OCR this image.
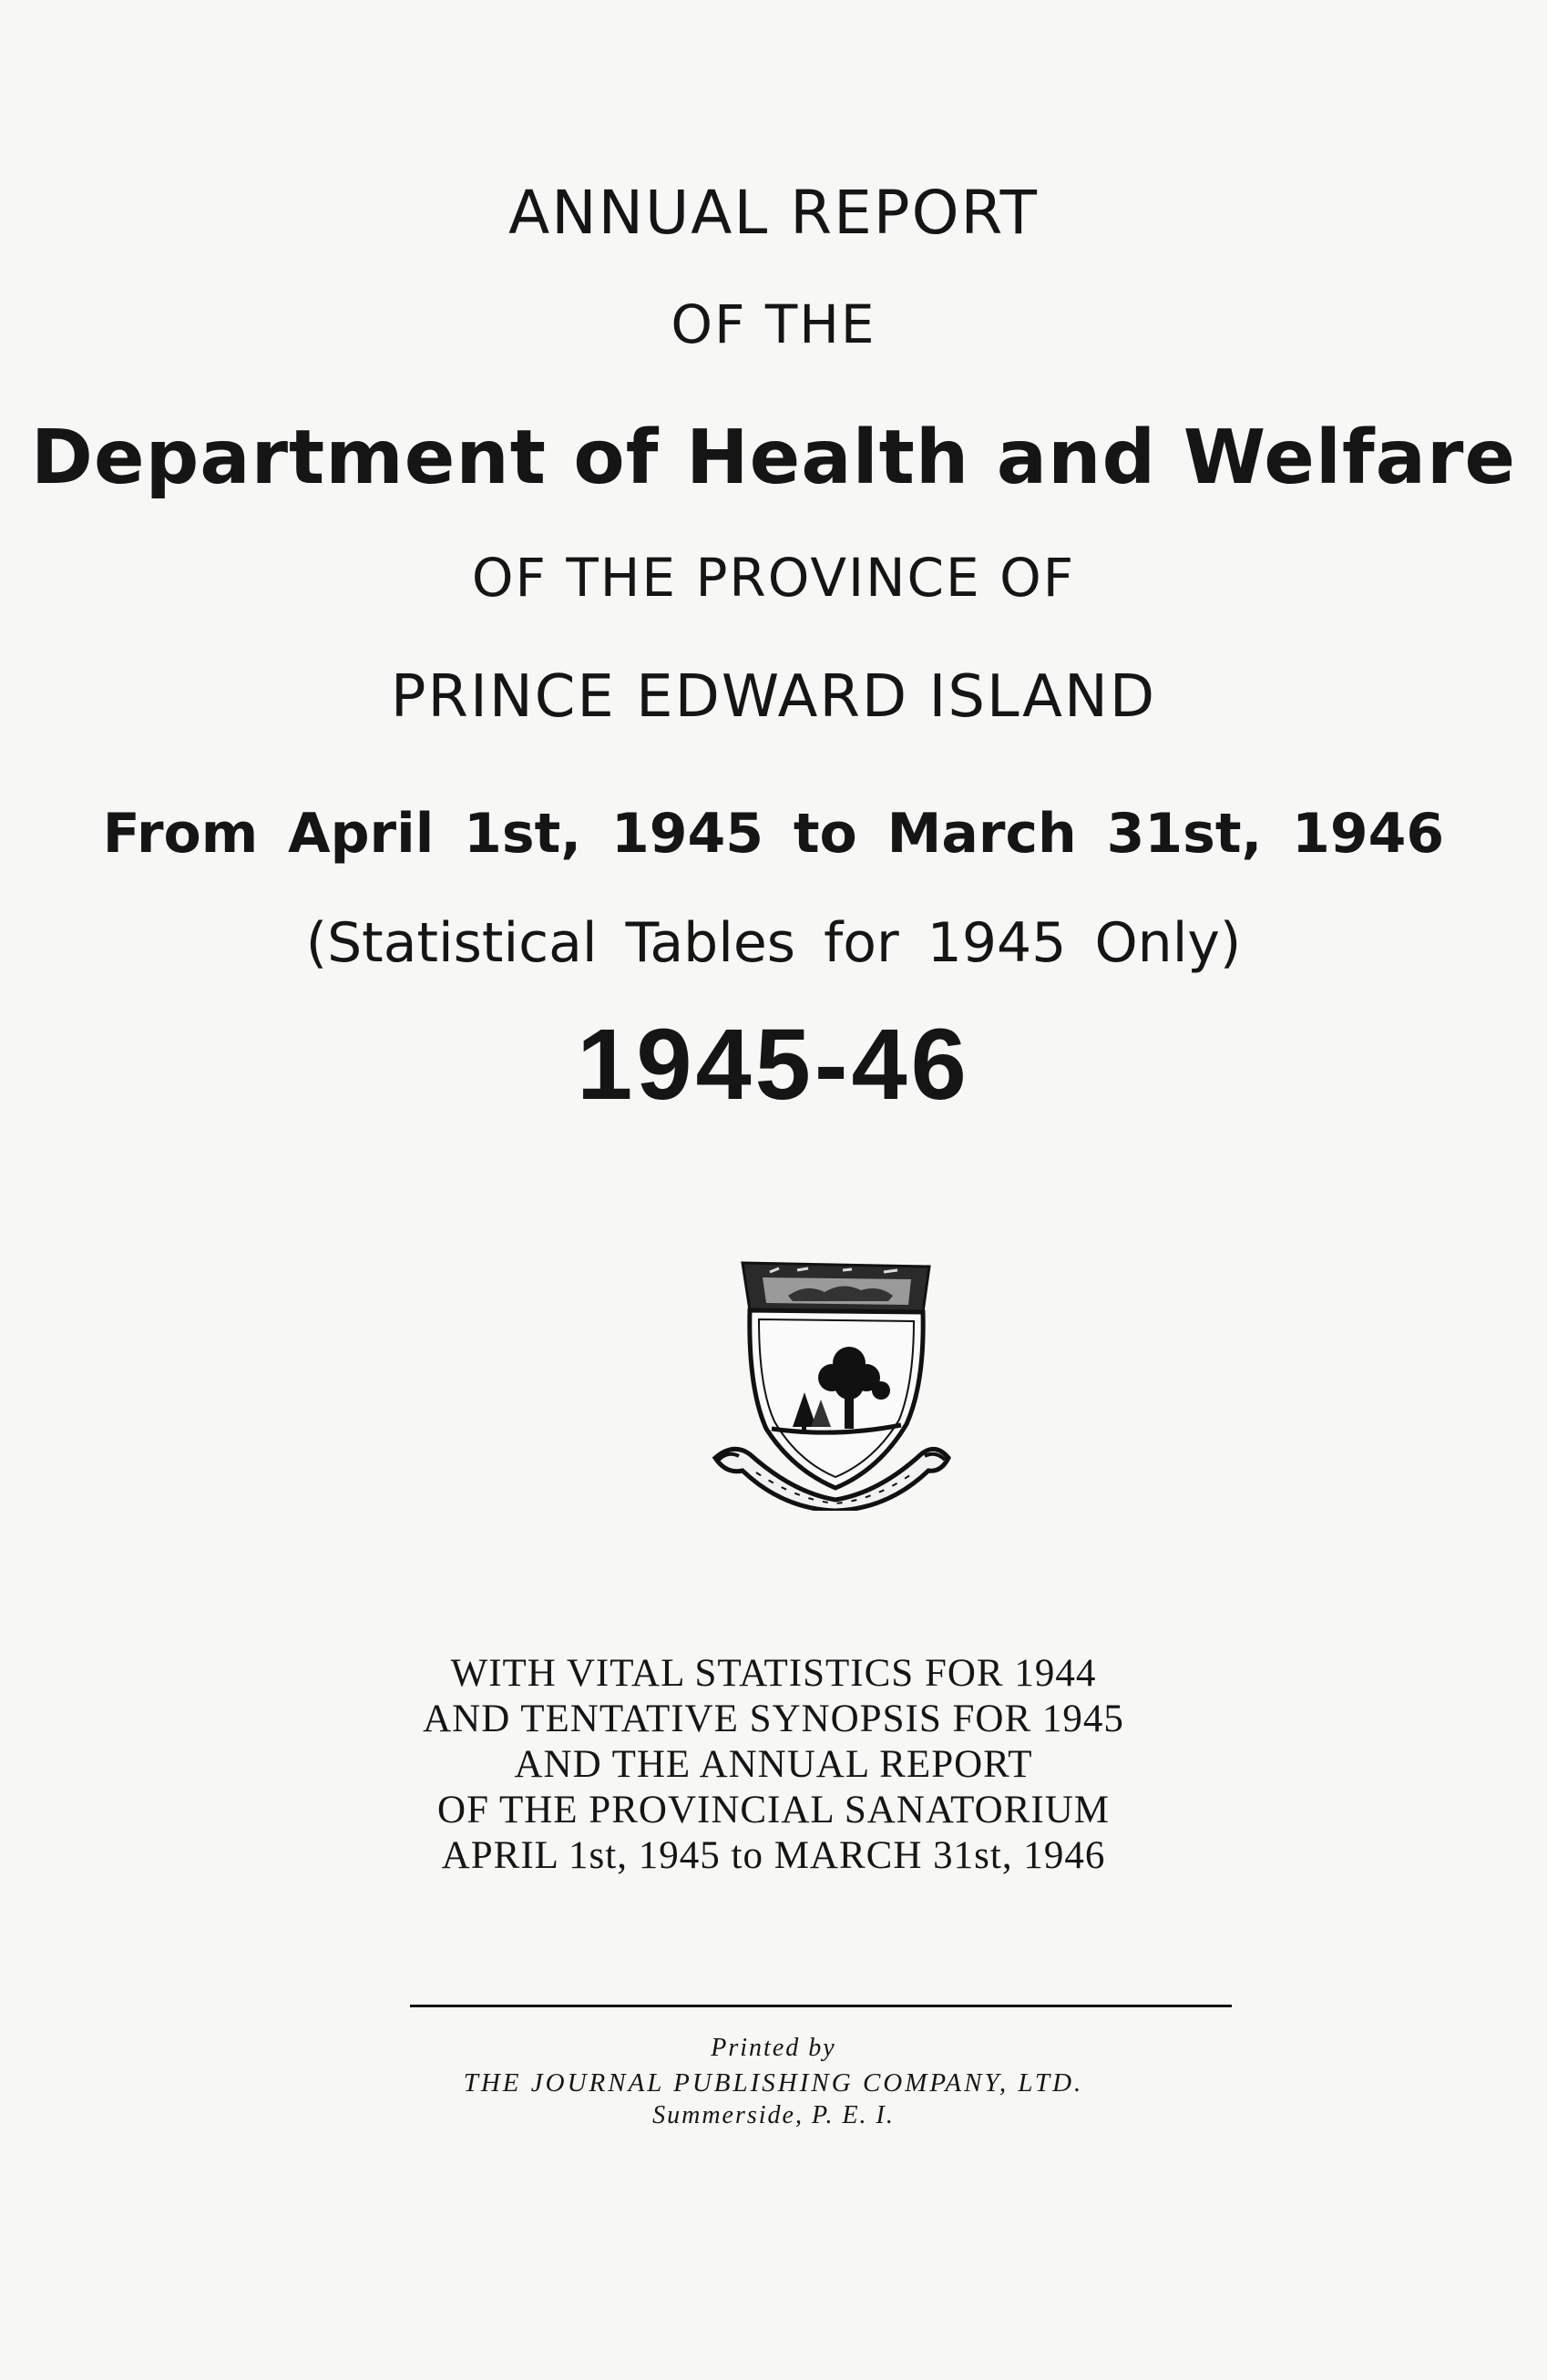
ANNUAL REPORT
OF THE
Department of Health and Welfare
OF THE PROVINCE OF
PRINCE EDWARD ISLAND
From April 1st, 1945 to March 31st, 1946
(Statistical Tables for 1945 Only)
1945-46
WITH VITAL STATISTICS FOR 1944
AND TENTATIVE SYNOPSIS FOR 1945
AND THE ANNUAL REPORT
OF THE PROVINCIAL SANATORIUM
APRIL 1st, 1945 to MARCH 31st, 1946
Printed by
THE JOURNAL PUBLISHING COMPANY, LTD.
Summerside, P. E. I.
